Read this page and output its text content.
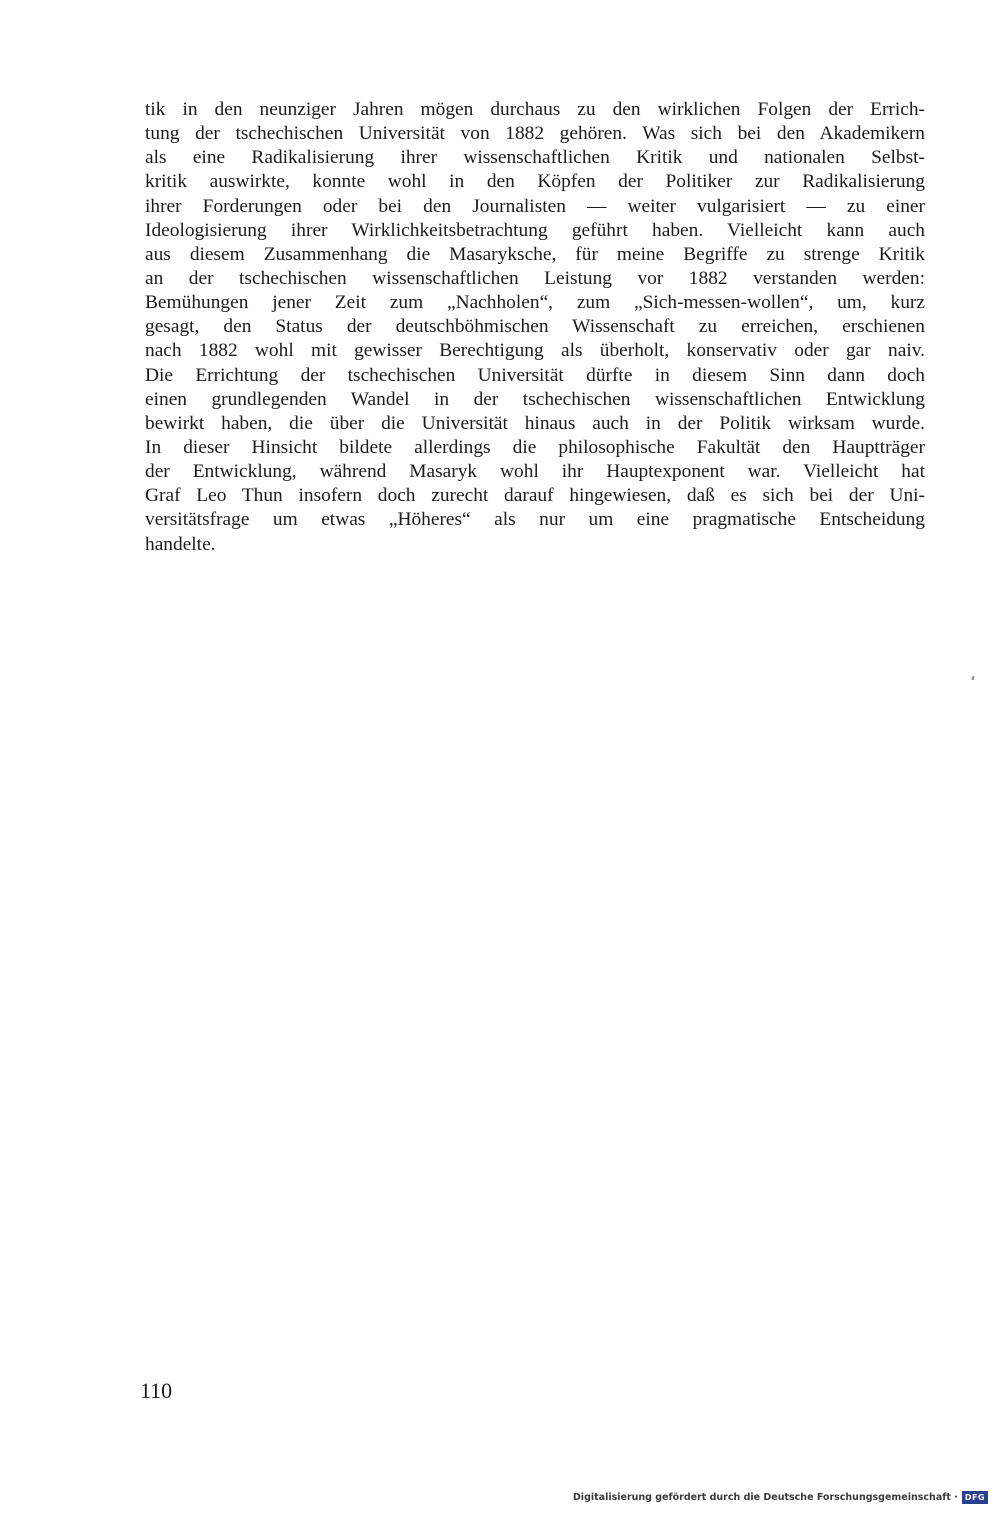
tik in den neunziger Jahren mögen durchaus zu den wirklichen Folgen der Errich-
tung der tschechischen Universität von 1882 gehören. Was sich bei den Akademikern
als eine Radikalisierung ihrer wissenschaftlichen Kritik und nationalen Selbst-
kritik auswirkte, konnte wohl in den Köpfen der Politiker zur Radikalisierung
ihrer Forderungen oder bei den Journalisten — weiter vulgarisiert — zu einer
Ideologisierung ihrer Wirklichkeitsbetrachtung geführt haben. Vielleicht kann auch
aus diesem Zusammenhang die Masaryksche, für meine Begriffe zu strenge Kritik
an der tschechischen wissenschaftlichen Leistung vor 1882 verstanden werden:
Bemühungen jener Zeit zum „Nachholen“, zum „Sich-messen-wollen“, um, kurz
gesagt, den Status der deutschböhmischen Wissenschaft zu erreichen, erschienen
nach 1882 wohl mit gewisser Berechtigung als überholt, konservativ oder gar naiv.
Die Errichtung der tschechischen Universität dürfte in diesem Sinn dann doch
einen grundlegenden Wandel in der tschechischen wissenschaftlichen Entwicklung
bewirkt haben, die über die Universität hinaus auch in der Politik wirksam wurde.
In dieser Hinsicht bildete allerdings die philosophische Fakultät den Hauptträger
der Entwicklung, während Masaryk wohl ihr Hauptexponent war. Vielleicht hat
Graf Leo Thun insofern doch zurecht darauf hingewiesen, daß es sich bei der Uni-
versitätsfrage um etwas „Höheres“ als nur um eine pragmatische Entscheidung
handelte.
110
Digitalisierung gefördert durch die Deutsche Forschungsgemeinschaft · DFG
